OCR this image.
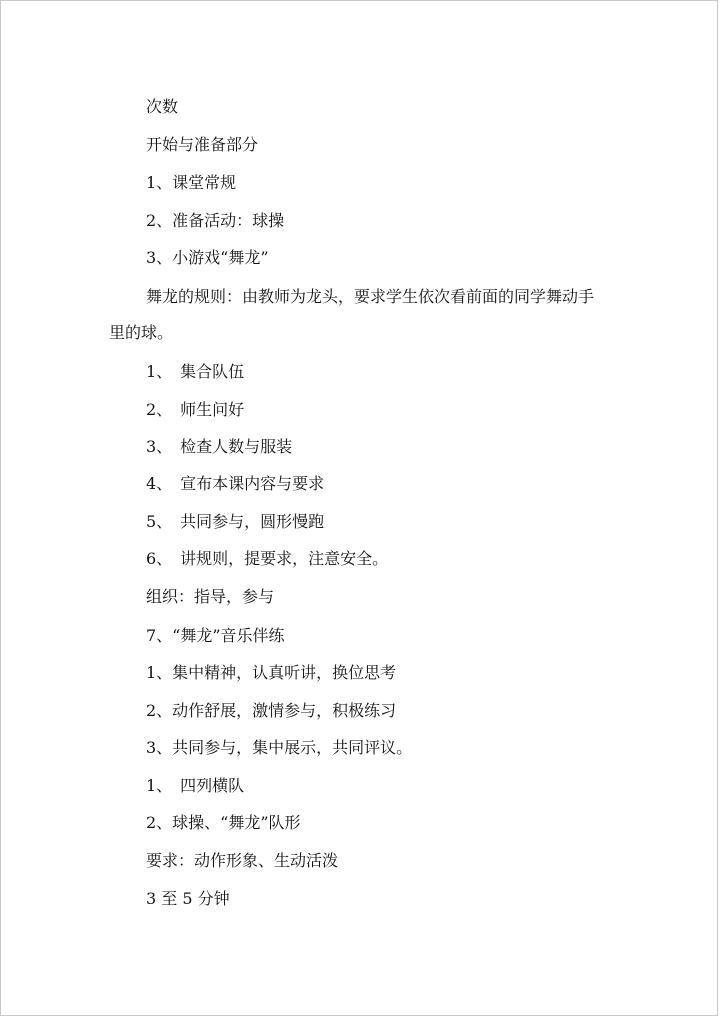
次数

开始与准备部分

1、课堂常规

2、准备活动：球操

3、小游戏“舞龙”

舞龙的规则：由教师为龙头，要求学生依次看前面的同学舞动手

里的球。

1、　集合队伍

2、　师生问好

3、　检查人数与服装

4、　宣布本课内容与要求

5、　共同参与，圆形慢跑

6、　讲规则，提要求，注意安全。

组织：指导，参与

7、“舞龙”音乐伴练

1、集中精神，认真听讲，换位思考

2、动作舒展，激情参与，积极练习

3、共同参与，集中展示，共同评议。

1、　四列横队

2、球操、“舞龙”队形

要求：动作形象、生动活泼

3 至 5 分钟
